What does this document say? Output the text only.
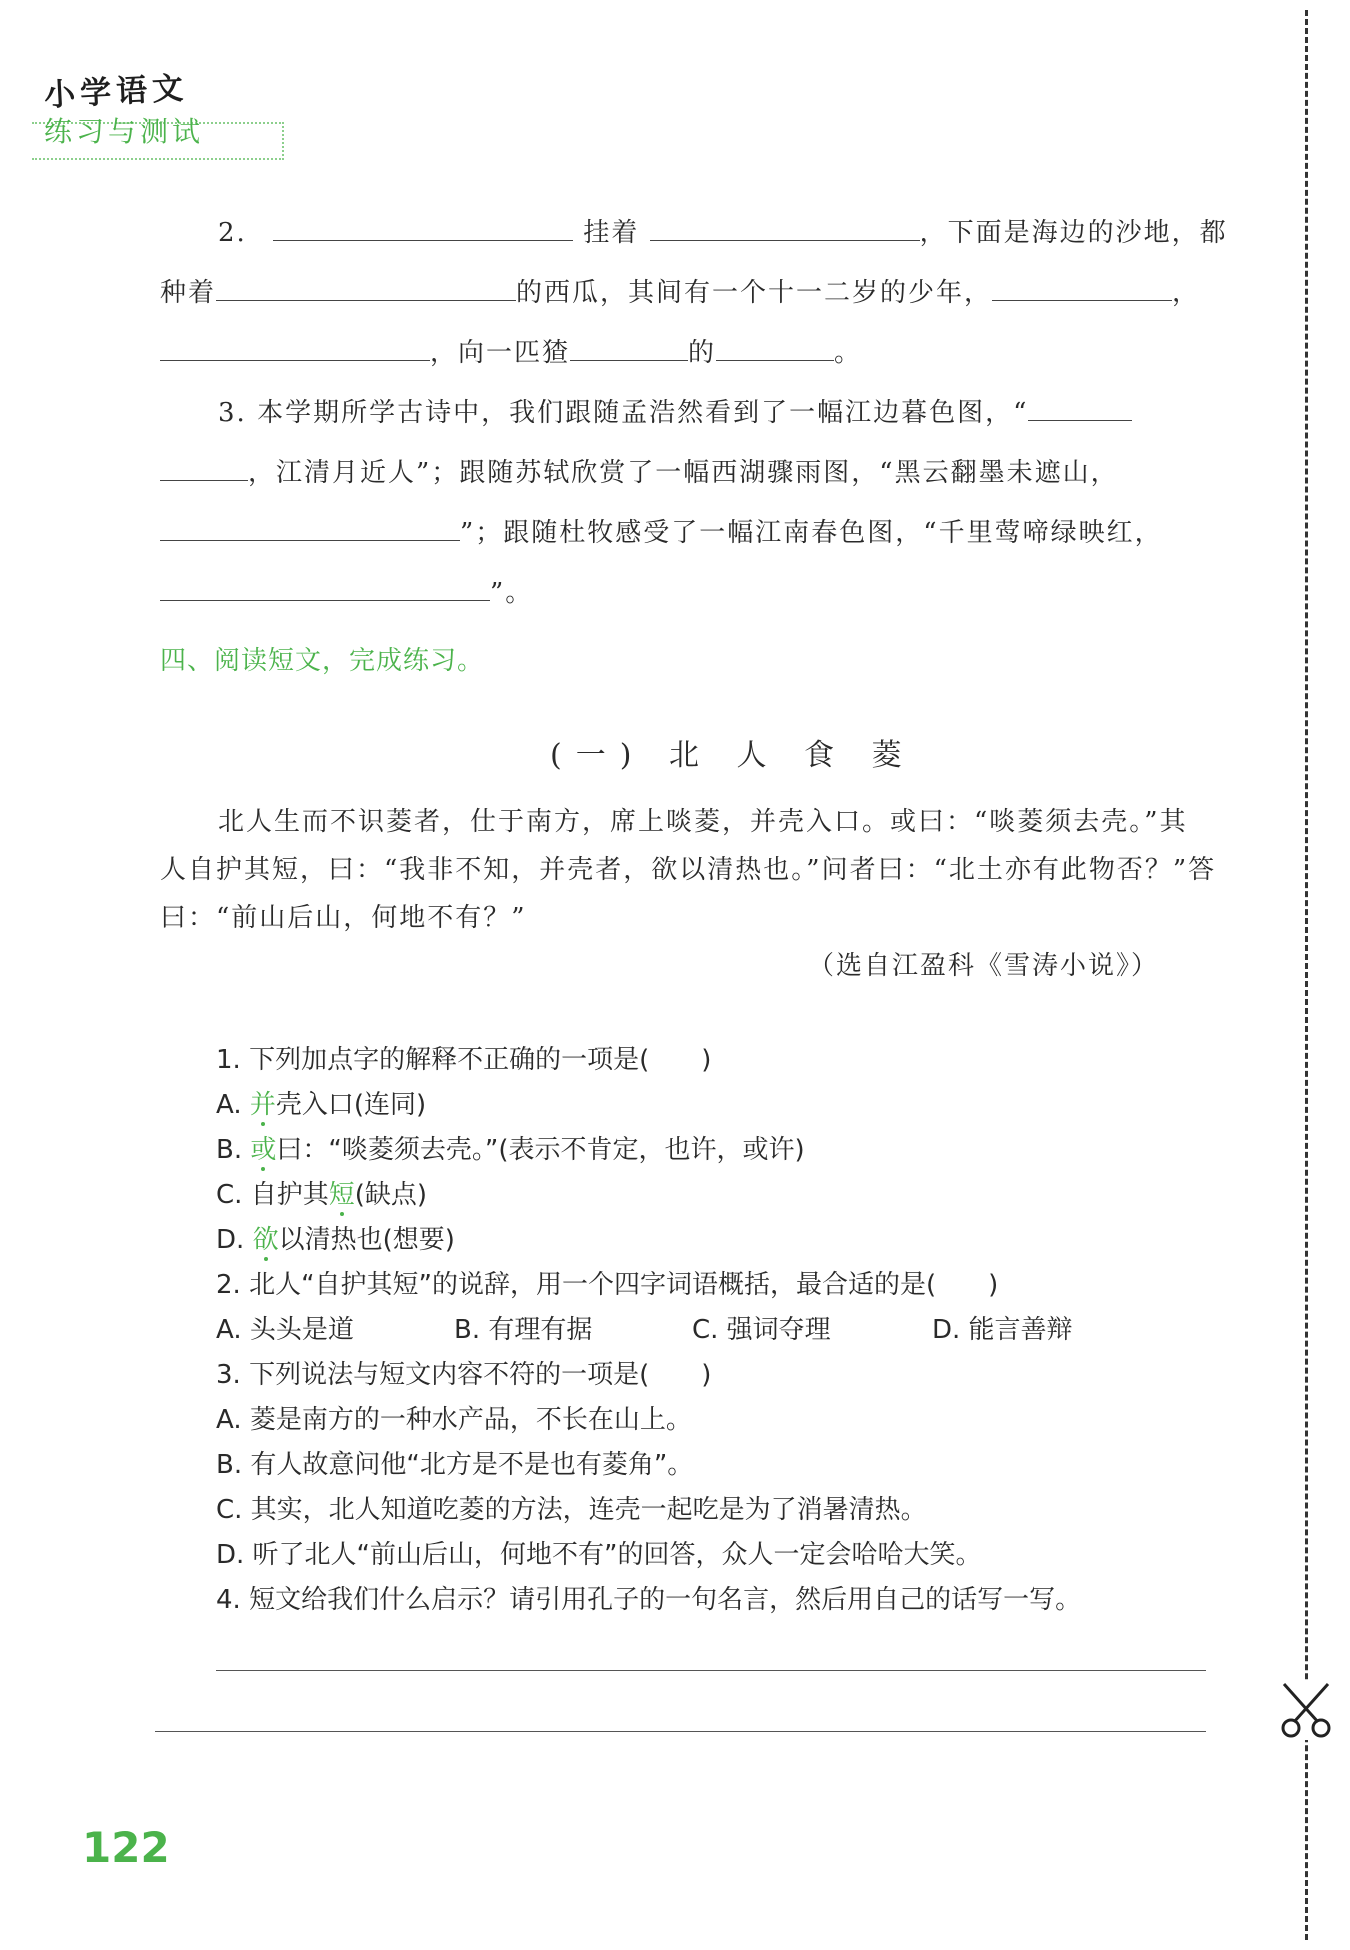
小学语文
练习与测试
2.	挂着	，下面是海边的沙地，都
种着	的西瓜，其间有一个十一二岁的少年，	，
，向一匹猹	的	。
3. 本学期所学古诗中，我们跟随孟浩然看到了一幅江边暮色图，“
，江清月近人”；跟随苏轼欣赏了一幅西湖骤雨图，“黑云翻墨未遮山，
”；跟随杜牧感受了一幅江南春色图，“千里莺啼绿映红，
”。
四、阅读短文，完成练习。
(一) 北 人 食 菱
北人生而不识菱者，仕于南方，席上啖菱，并壳入口。或曰：“啖菱须去壳。”其
人自护其短，曰：“我非不知，并壳者，欲以清热也。”问者曰：“北土亦有此物否？”答
曰：“前山后山，何地不有？”
（选自江盈科《雪涛小说》）
1. 下列加点字的解释不正确的一项是(　　)
A. 并壳入口(连同)
B. 或曰：“啖菱须去壳。”(表示不肯定，也许，或许)
C. 自护其短(缺点)
D. 欲以清热也(想要)
2. 北人“自护其短”的说辞，用一个四字词语概括，最合适的是(　　)
A. 头头是道	B. 有理有据	C. 强词夺理	D. 能言善辩
3. 下列说法与短文内容不符的一项是(　　)
A. 菱是南方的一种水产品，不长在山上。
B. 有人故意问他“北方是不是也有菱角”。
C. 其实，北人知道吃菱的方法，连壳一起吃是为了消暑清热。
D. 听了北人“前山后山，何地不有”的回答，众人一定会哈哈大笑。
4. 短文给我们什么启示？请引用孔子的一句名言，然后用自己的话写一写。
122
